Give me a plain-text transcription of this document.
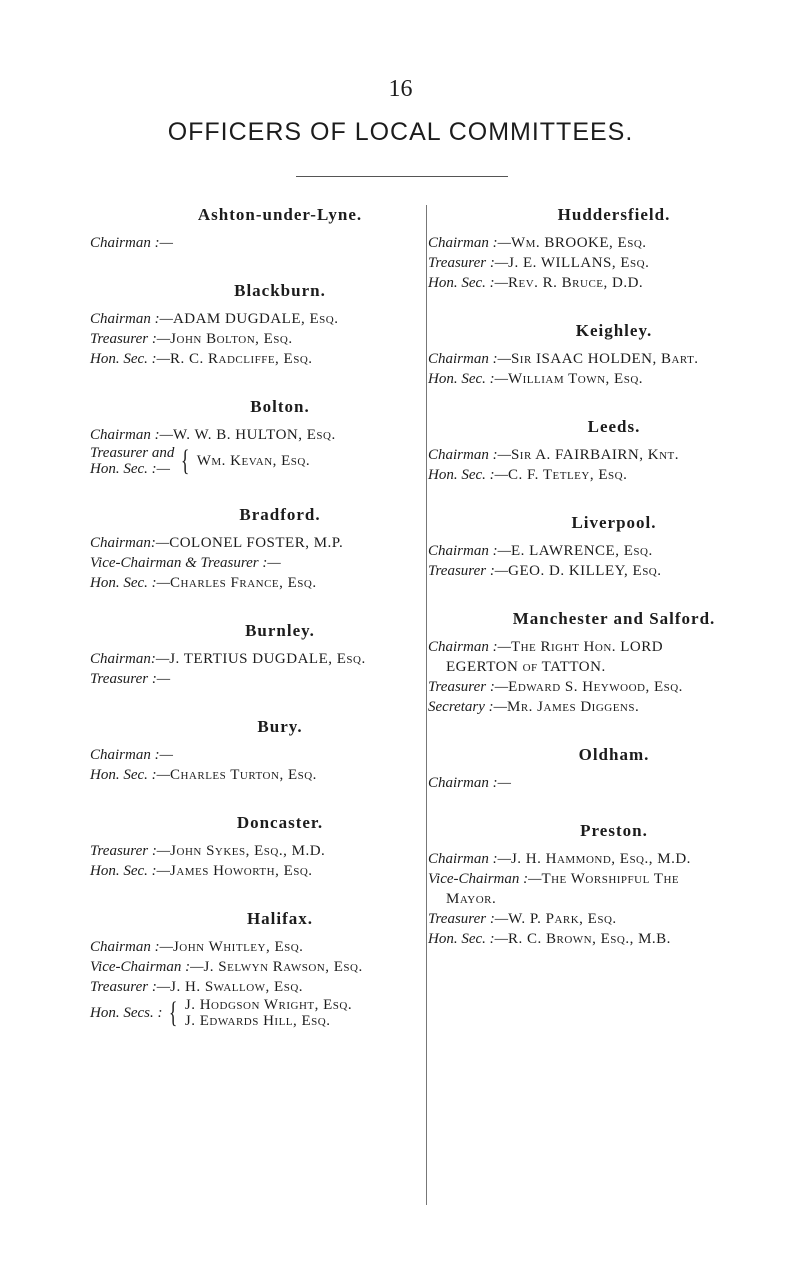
16
OFFICERS OF LOCAL COMMITTEES.
Ashton-under-Lyne.
Chairman :—
Blackburn.
Chairman :—ADAM DUGDALE, Esq.
Treasurer :—John Bolton, Esq.
Hon. Sec. :—R. C. Radcliffe, Esq.
Bolton.
Chairman :—W. W. B. HULTON, Esq.
Treasurer and
Hon. Sec. :— { Wm. Kevan, Esq.
Bradford.
Chairman:—COLONEL FOSTER, M.P.
Vice-Chairman & Treasurer :—
Hon. Sec. :—Charles France, Esq.
Burnley.
Chairman:—J. TERTIUS DUGDALE, Esq.
Treasurer :—
Bury.
Chairman :—
Hon. Sec. :—Charles Turton, Esq.
Doncaster.
Treasurer :—John Sykes, Esq., M.D.
Hon. Sec. :—James Howorth, Esq.
Halifax.
Chairman :—John Whitley, Esq.
Vice-Chairman :—J. Selwyn Rawson, Esq.
Treasurer :—J. H. Swallow, Esq.
Hon. Secs. : { J. Hodgson Wright, Esq.
J. Edwards Hill, Esq.
Huddersfield.
Chairman :—Wm. BROOKE, Esq.
Treasurer :—J. E. WILLANS, Esq.
Hon. Sec. :—Rev. R. Bruce, D.D.
Keighley.
Chairman :—Sir ISAAC HOLDEN, Bart.
Hon. Sec. :—William Town, Esq.
Leeds.
Chairman :—Sir A. FAIRBAIRN, Knt.
Hon. Sec. :—C. F. Tetley, Esq.
Liverpool.
Chairman :—E. LAWRENCE, Esq.
Treasurer :—GEO. D. KILLEY, Esq.
Manchester and Salford.
Chairman :—The Right Hon. LORD
EGERTON of TATTON.
Treasurer :—Edward S. Heywood, Esq.
Secretary :—Mr. James Diggens.
Oldham.
Chairman :—
Preston.
Chairman :—J. H. Hammond, Esq., M.D.
Vice-Chairman :—The Worshipful The
Mayor.
Treasurer :—W. P. Park, Esq.
Hon. Sec. :—R. C. Brown, Esq., M.B.
